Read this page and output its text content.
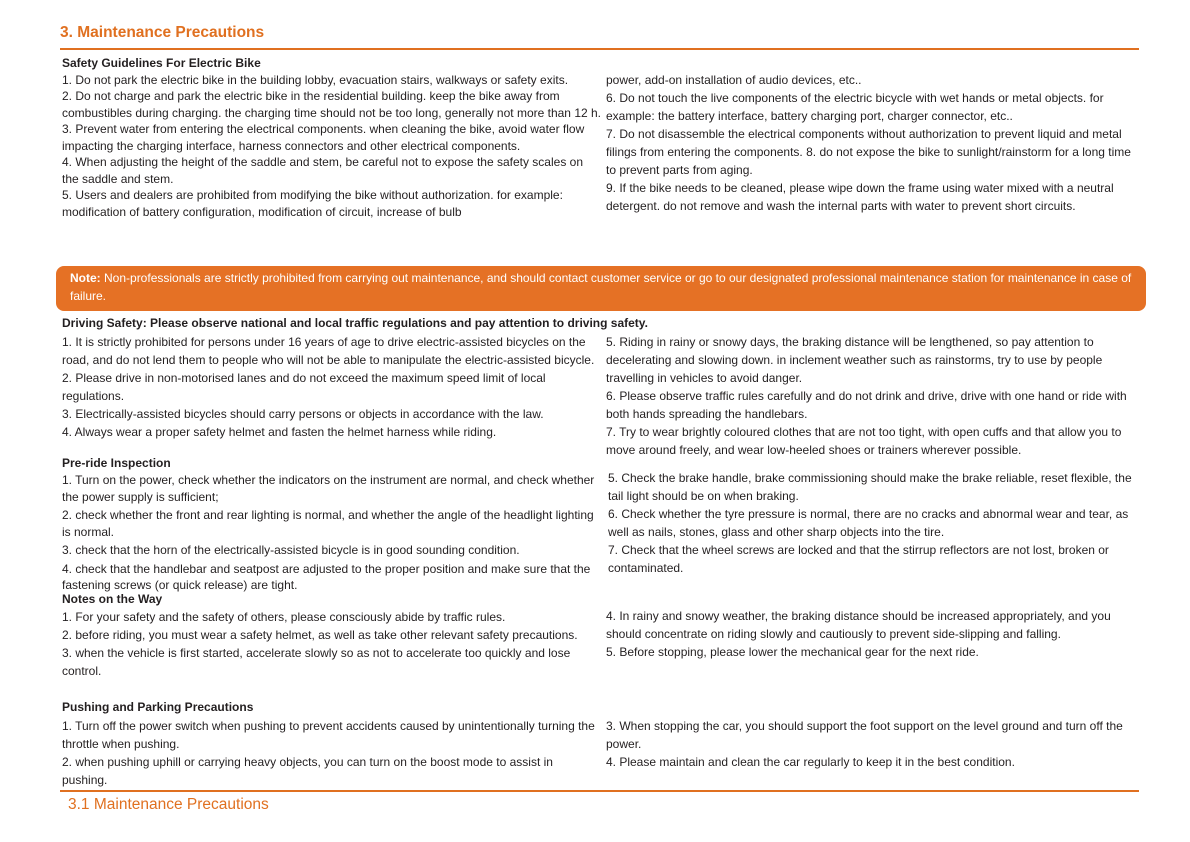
3. Maintenance Precautions
Safety Guidelines For Electric Bike

1. Do not park the electric bike in the building lobby, evacuation stairs, walkways or safety exits.

2. Do not charge and park the electric bike in the residential building. keep the bike away from combustibles during charging. the charging time should not be too long, generally not more than 12 h.

3. Prevent water from entering the electrical components. when cleaning the bike, avoid water flow impacting the charging interface, harness connectors and other electrical components.

4. When adjusting the height of the saddle and stem, be careful not to expose the safety scales on the saddle and stem.

5. Users and dealers are prohibited from modifying the bike without authorization. for example: modification of battery configuration, modification of circuit, increase of bulb

power, add-on installation of audio devices, etc..

6. Do not touch the live components of the electric bicycle with wet hands or metal objects. for example: the battery interface, battery charging port, charger connector, etc..

7. Do not disassemble the electrical components without authorization to prevent liquid and metal filings from entering the components. 8. do not expose the bike to sunlight/rainstorm for a long time to prevent parts from aging.

9. If the bike needs to be cleaned, please wipe down the frame using water mixed with a neutral detergent. do not remove and wash the internal parts with water to prevent short circuits.

Note: Non-professionals are strictly prohibited from carrying out maintenance, and should contact customer service or go to our designated professional maintenance station for maintenance in case of failure.
Driving Safety: Please observe national and local traffic regulations and pay attention to driving safety.

1. It is strictly prohibited for persons under 16 years of age to drive electric-assisted bicycles on the road, and do not lend them to people who will not be able to manipulate the electric-assisted bicycle.

2. Please drive in non-motorised lanes and do not exceed the maximum speed limit of local regulations.

3. Electrically-assisted bicycles should carry persons or objects in accordance with the law.

4. Always wear a proper safety helmet and fasten the helmet harness while riding.

5. Riding in rainy or snowy days, the braking distance will be lengthened, so pay attention to decelerating and slowing down. in inclement weather such as rainstorms, try to use by people travelling in vehicles to avoid danger.

6. Please observe traffic rules carefully and do not drink and drive, drive with one hand or ride with both hands spreading the handlebars.

7. Try to wear brightly coloured clothes that are not too tight, with open cuffs and that allow you to move around freely, and wear low-heeled shoes or trainers wherever possible.

Pre-ride Inspection

1. Turn on the power, check whether the indicators on the instrument are normal, and check whether the power supply is sufficient;

2. check whether the front and rear lighting is normal, and whether the angle of the headlight lighting is normal.

3. check that the horn of the electrically-assisted bicycle is in good sounding condition.

4. check that the handlebar and seatpost are adjusted to the proper position and make sure that the fastening screws (or quick release) are tight.

5. Check the brake handle, brake commissioning should make the brake reliable, reset flexible, the tail light should be on when braking.

6. Check whether the tyre pressure is normal, there are no cracks and abnormal wear and tear, as well as nails, stones, glass and other sharp objects into the tire.

7. Check that the wheel screws are locked and that the stirrup reflectors are not lost, broken or contaminated.

Notes on the Way

1. For your safety and the safety of others, please consciously abide by traffic rules.

2. before riding, you must wear a safety helmet, as well as take other relevant safety precautions.

3. when the vehicle is first started, accelerate slowly so as not to accelerate too quickly and lose control.

4. In rainy and snowy weather, the braking distance should be increased appropriately, and you should concentrate on riding slowly and cautiously to prevent side-slipping and falling.

5. Before stopping, please lower the mechanical gear for the next ride.

Pushing and Parking Precautions

1. Turn off the power switch when pushing to prevent accidents caused by unintentionally turning the throttle when pushing.

2. when pushing uphill or carrying heavy objects, you can turn on the boost mode to assist in pushing.

3. When stopping the car, you should support the foot support on the level ground and turn off the power.

4. Please maintain and clean the car regularly to keep it in the best condition.

3.1 Maintenance Precautions
